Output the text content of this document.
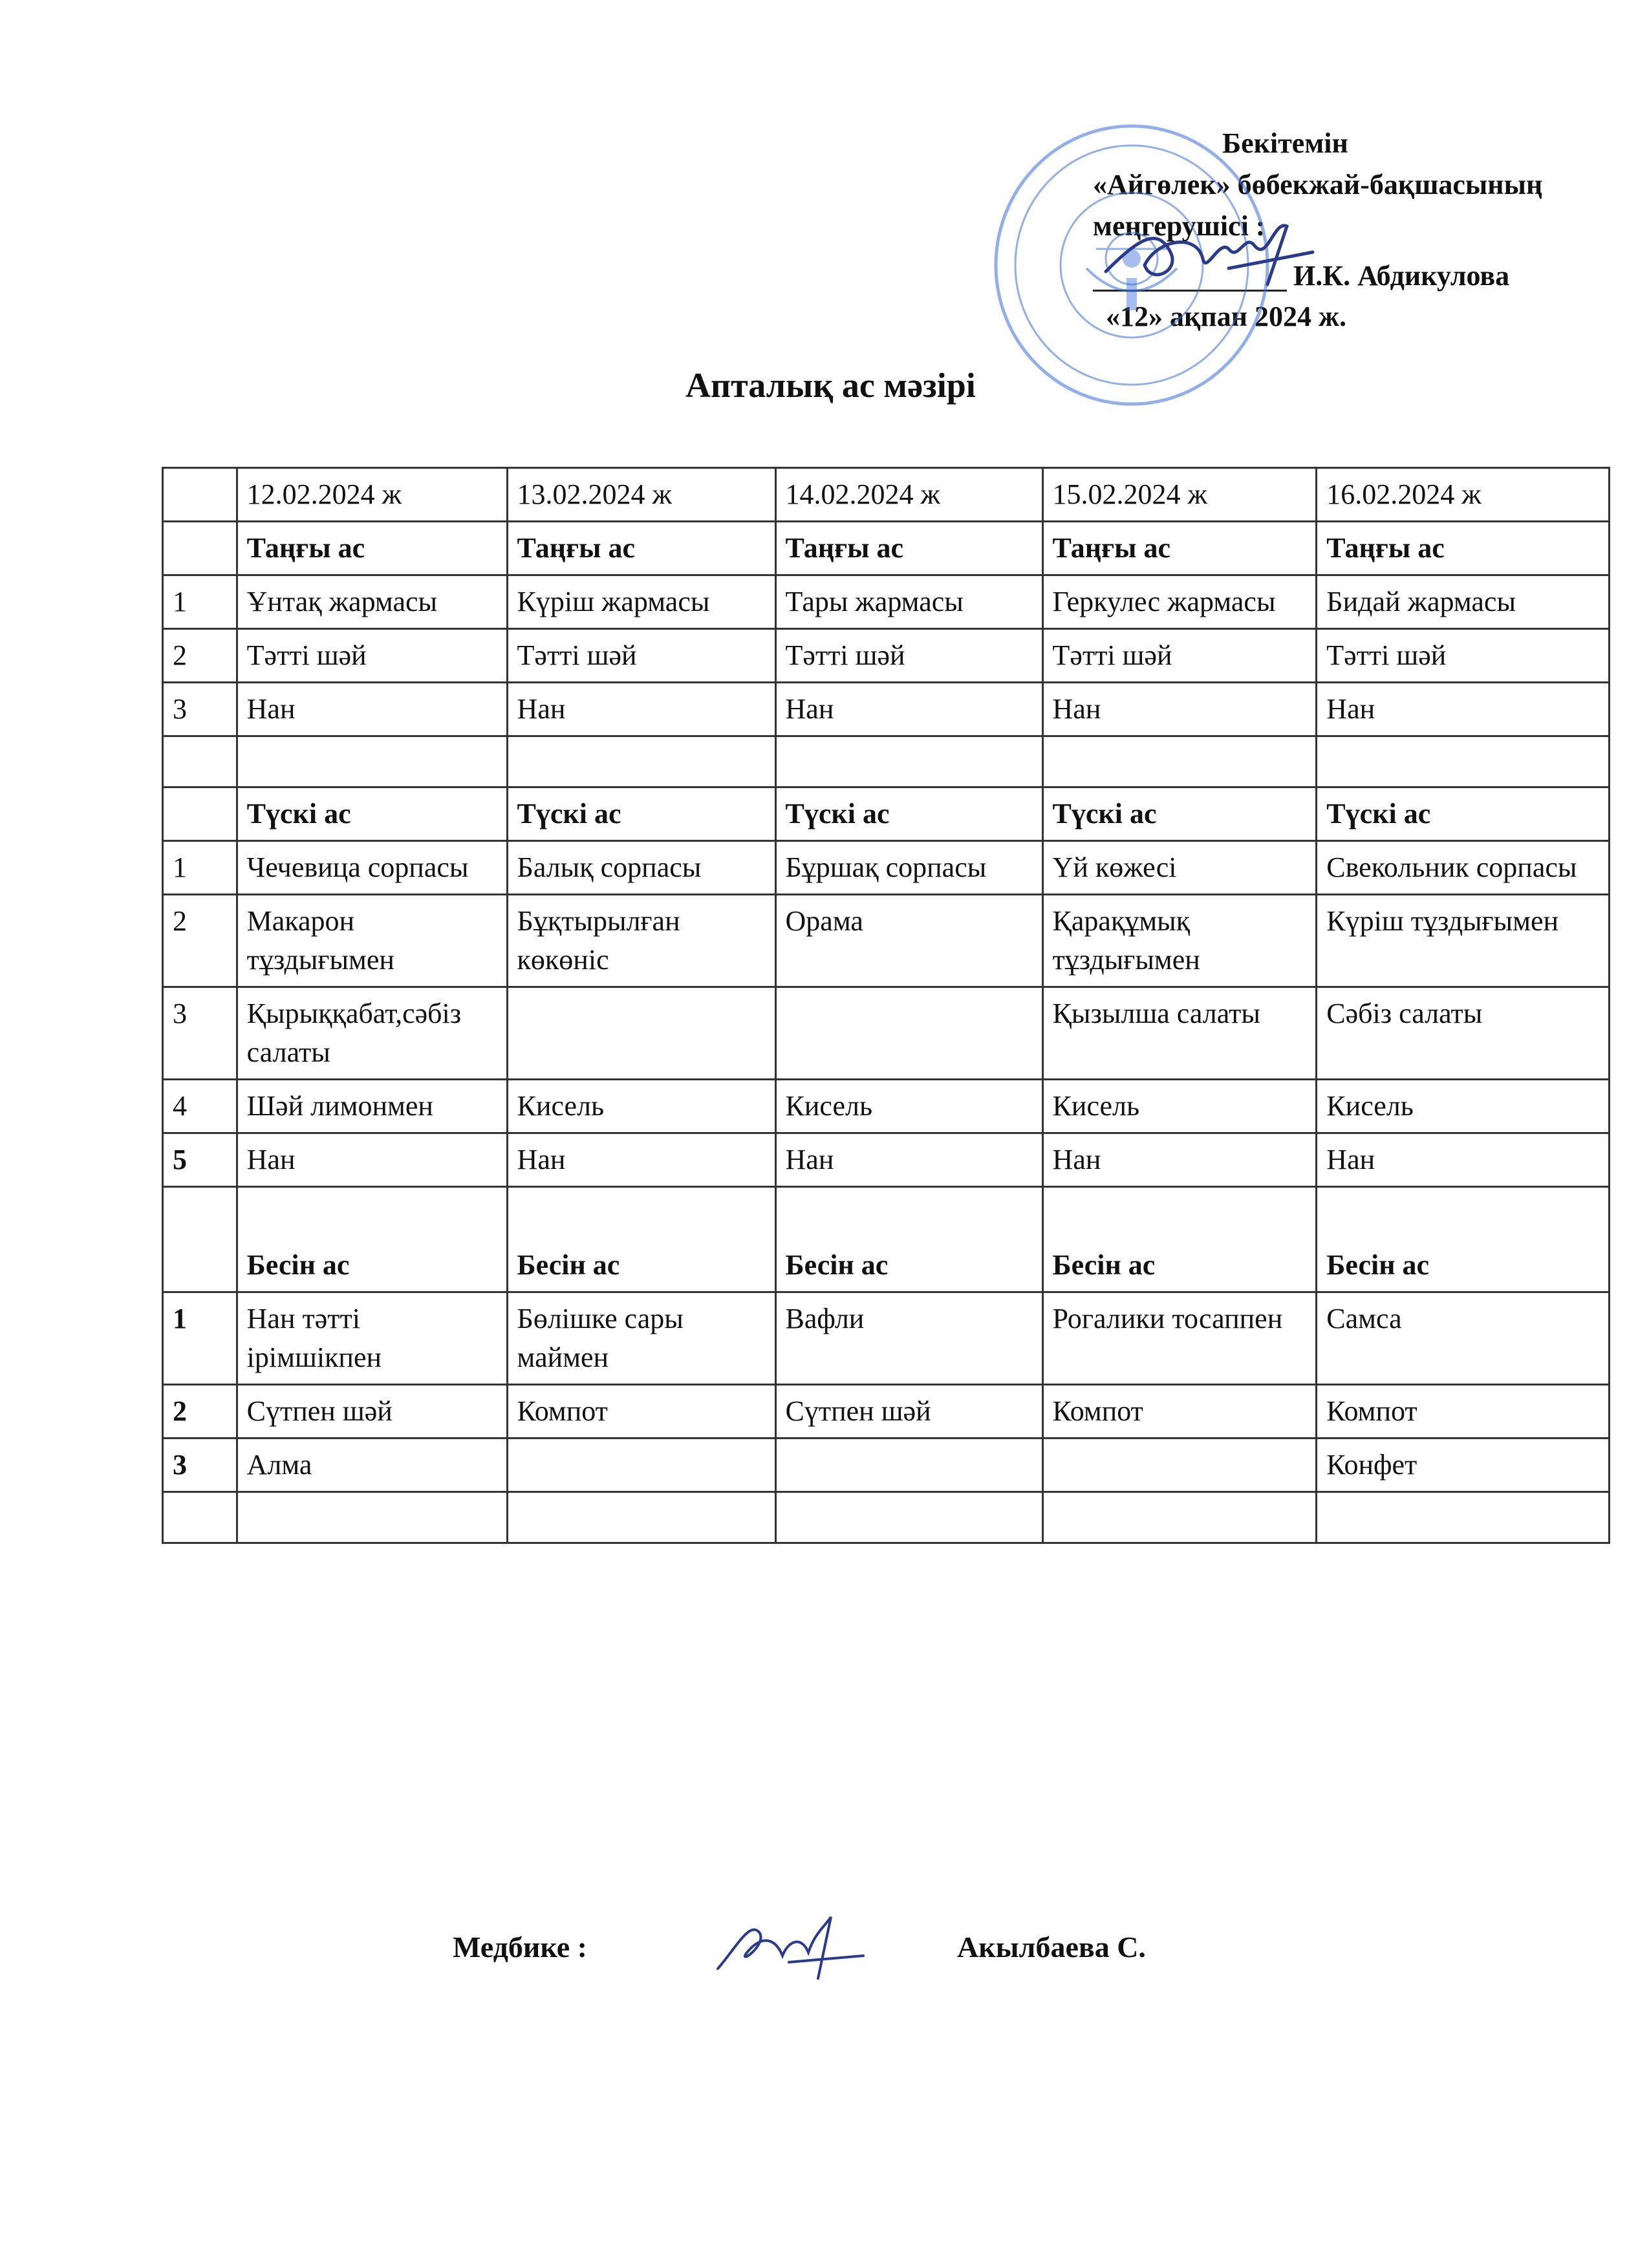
Бекітемін
«Айгөлек» бөбекжай-бақшасының
меңгерушісі :
И.К. Абдикулова
«12» ақпан 2024 ж.
Апталық ас мәзірі
	12.02.2024 ж	13.02.2024 ж	14.02.2024 ж	15.02.2024 ж	16.02.2024 ж
	Таңғы ас	Таңғы ас	Таңғы ас	Таңғы ас	Таңғы ас
1	Ұнтақ жармасы	Күріш жармасы	Тары жармасы	Геркулес жармасы	Бидай жармасы
2	Тәтті шәй	Тәтті шәй	Тәтті шәй	Тәтті шәй	Тәтті шәй
3	Нан	Нан	Нан	Нан	Нан

	Түскі ас	Түскі ас	Түскі ас	Түскі ас	Түскі ас
1	Чечевица сорпасы	Балық сорпасы	Бұршақ сорпасы	Үй көжесі	Свекольник сорпасы
2	Макарон тұздығымен	Бұқтырылған көкөніс	Орама	Қарақұмық тұздығымен	Күріш тұздығымен
3	Қырыққабат,сәбіз салаты			Қызылша салаты	Сәбіз салаты
4	Шәй лимонмен	Кисель	Кисель	Кисель	Кисель
5	Нан	Нан	Нан	Нан	Нан
	Бесін ас	Бесін ас	Бесін ас	Бесін ас	Бесін ас
1	Нан тәтті ірімшікпен	Бөлішке сары маймен	Вафли	Рогалики тосаппен	Самса
2	Сүтпен шәй	Компот	Сүтпен шәй	Компот	Компот
3	Алма				Конфет

Медбике :	Акылбаева С.
